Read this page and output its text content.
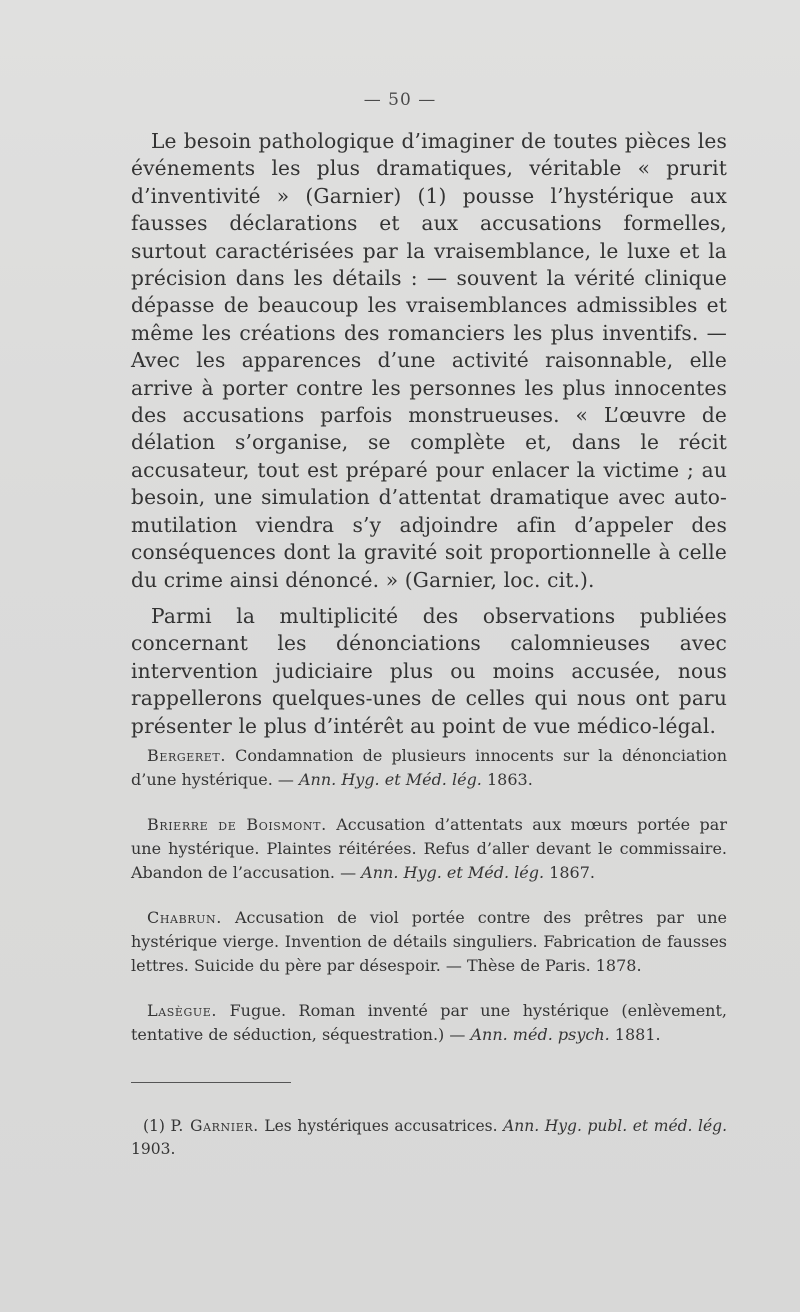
— 50 —

Le besoin pathologique d’imaginer de toutes pièces les événements les plus dramatiques, véritable « prurit d’inventivité » (Garnier) (1) pousse l’hystérique aux fausses déclarations et aux accusations formelles, surtout caractérisées par la vraisemblance, le luxe et la précision dans les détails : — souvent la vérité clinique dépasse de beaucoup les vraisemblances admissibles et même les créations des romanciers les plus inventifs. — Avec les apparences d’une activité raisonnable, elle arrive à porter contre les personnes les plus innocentes des accusations parfois monstrueuses. « L’œuvre de délation s’organise, se complète et, dans le récit accusateur, tout est préparé pour enlacer la victime ; au besoin, une simulation d’attentat dramatique avec auto-mutilation viendra s’y adjoindre afin d’appeler des conséquences dont la gravité soit proportionnelle à celle du crime ainsi dénoncé. » (Garnier, loc. cit.).

Parmi la multiplicité des observations publiées concernant les dénonciations calomnieuses avec intervention judiciaire plus ou moins accusée, nous rappellerons quelques-unes de celles qui nous ont paru présenter le plus d’intérêt au point de vue médico-légal.

Bergeret. Condamnation de plusieurs innocents sur la dénonciation d’une hystérique. — Ann. Hyg. et Méd. lég. 1863.

Brierre de Boismont. Accusation d’attentats aux mœurs portée par une hystérique. Plaintes réitérées. Refus d’aller devant le commissaire. Abandon de l’accusation. — Ann. Hyg. et Méd. lég. 1867.

Chabrun. Accusation de viol portée contre des prêtres par une hystérique vierge. Invention de détails singuliers. Fabrication de fausses lettres. Suicide du père par désespoir. — Thèse de Paris. 1878.

Lasègue. Fugue. Roman inventé par une hystérique (enlèvement, tentative de séduction, séquestration.) — Ann. méd. psych. 1881.

(1) P. Garnier. Les hystériques accusatrices. Ann. Hyg. publ. et méd. lég. 1903.
